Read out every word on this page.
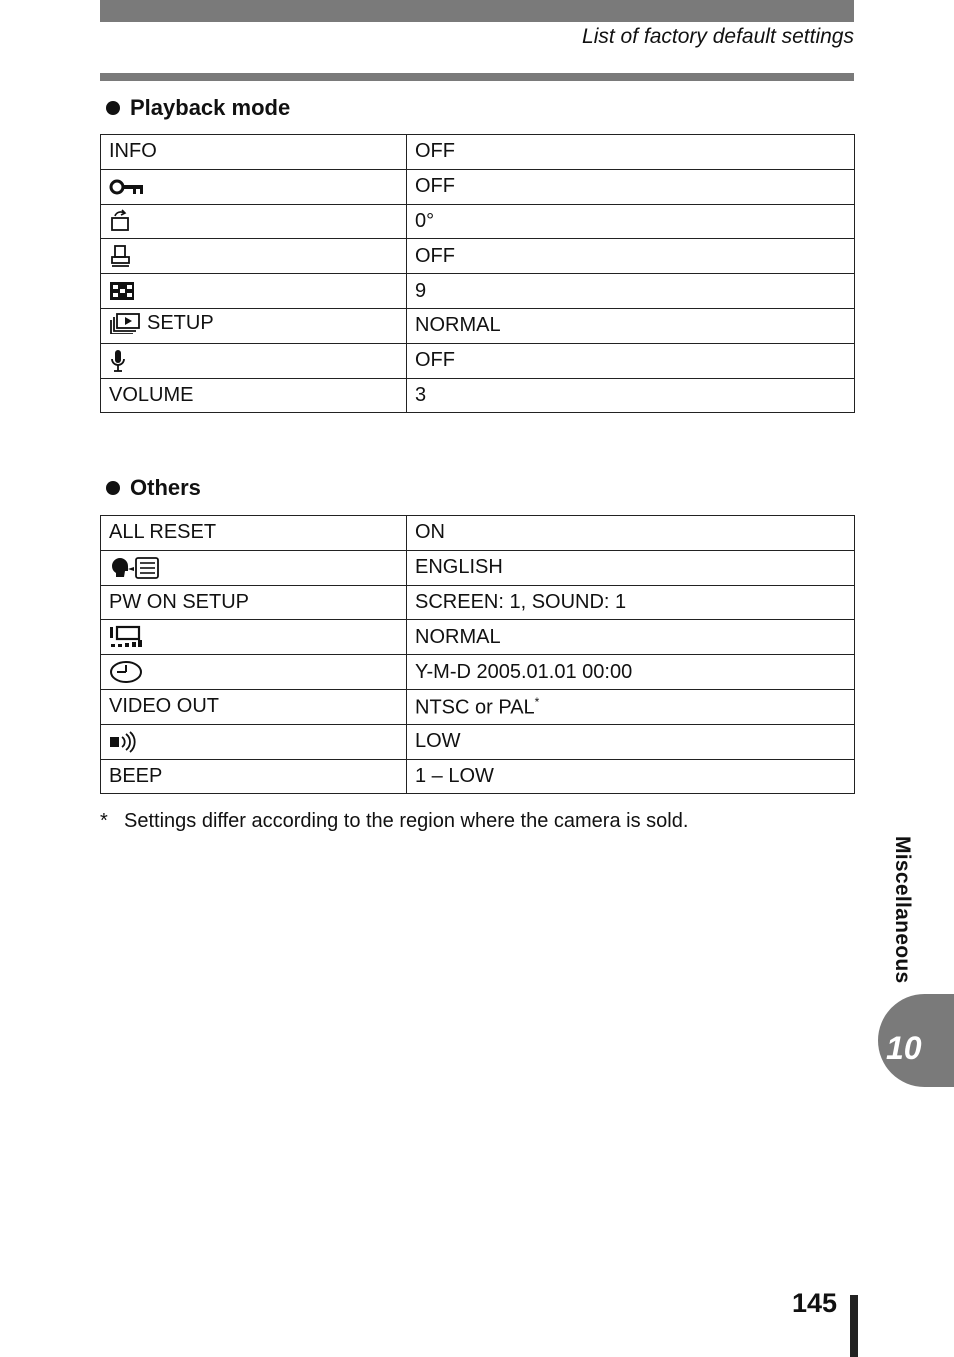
List of factory default settings
Playback mode
INFO	OFF

	OFF

	0°

	OFF

	9

SETUP	NORMAL

	OFF
VOLUME	3
Others
ALL RESET	ON

	ENGLISH
PW ON SETUP	SCREEN: 1, SOUND: 1

	NORMAL

	Y-M-D 2005.01.01 00:00
VIDEO OUT	NTSC or PAL*

	LOW
BEEP	1 – LOW
* Settings differ according to the region where the camera is sold.
Miscellaneous
10
145
